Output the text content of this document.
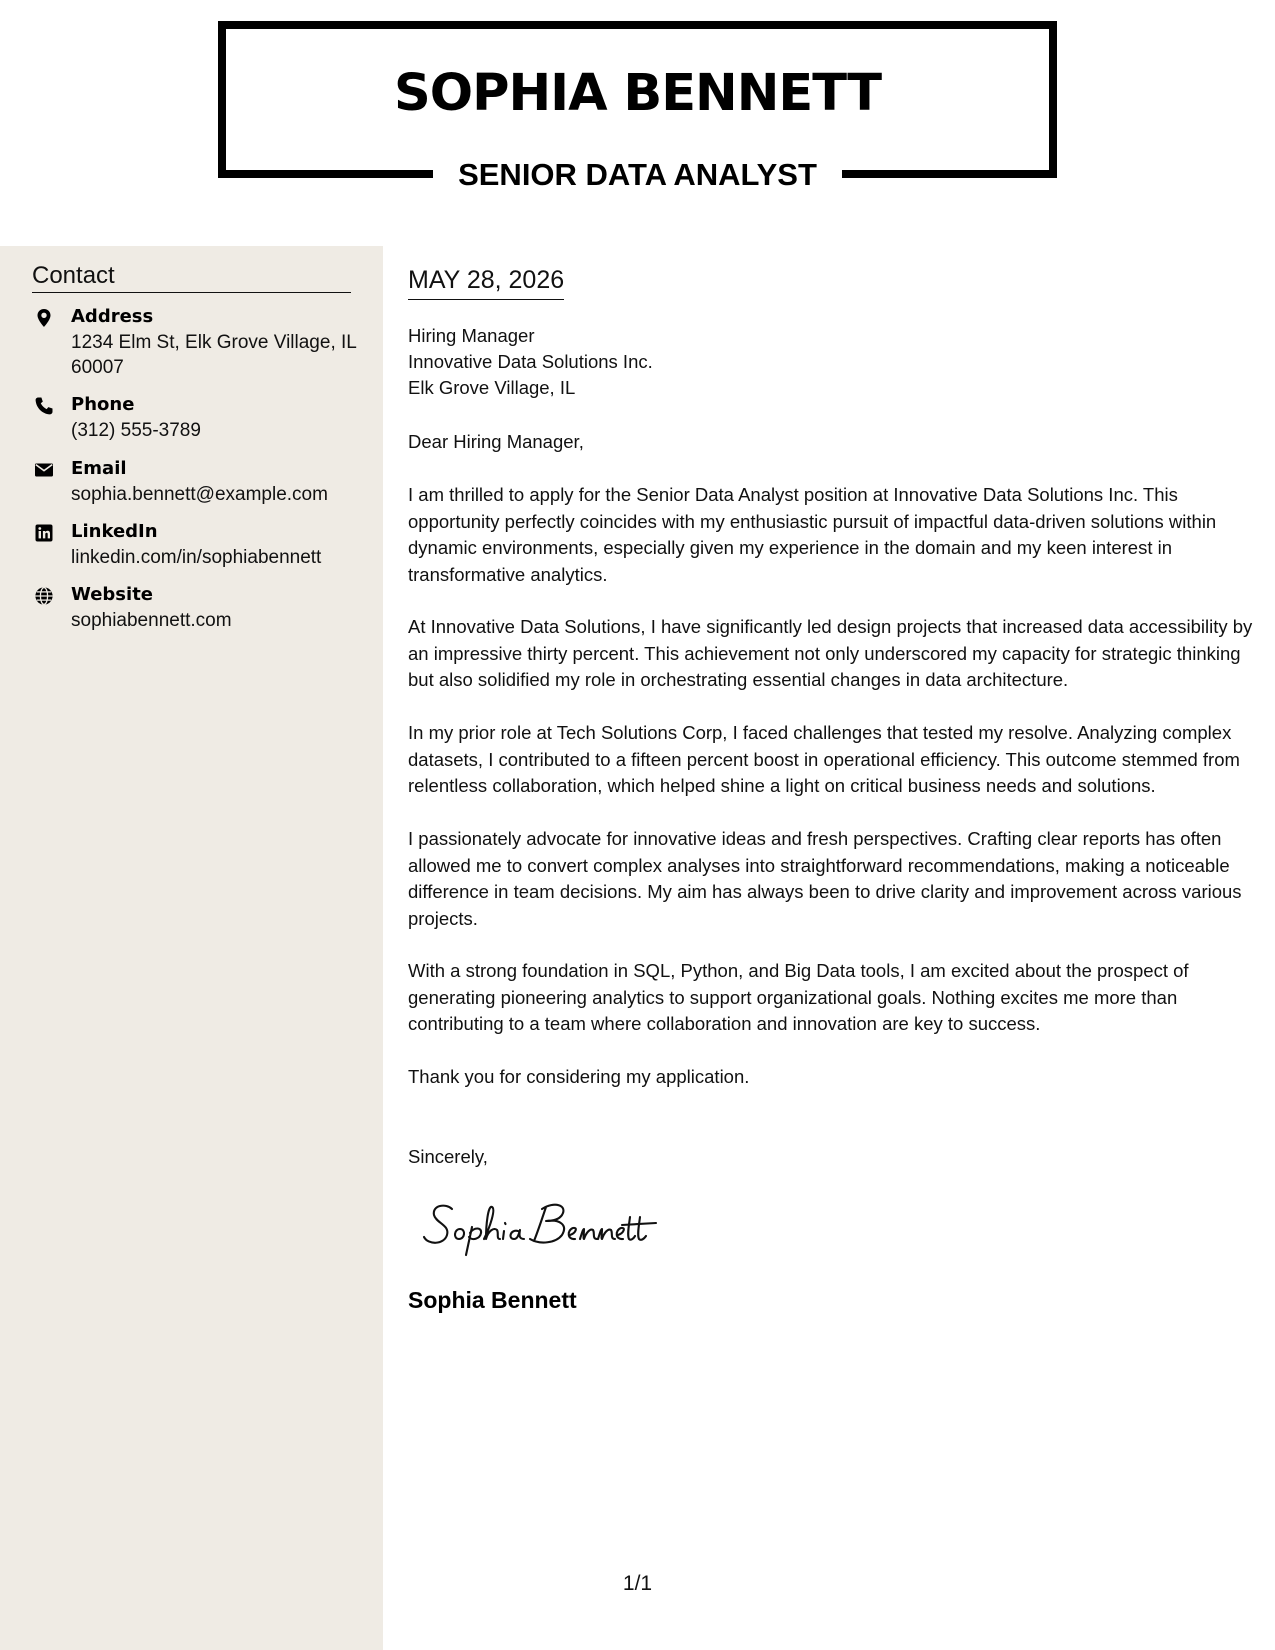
SOPHIA BENNETT
SENIOR DATA ANALYST
Contact
Address
1234 Elm St, Elk Grove Village, IL 60007
Phone
(312) 555-3789
Email
sophia.bennett@example.com
LinkedIn
linkedin.com/in/sophiabennett
Website
sophiabennett.com
MAY 28, 2026
Hiring Manager
Innovative Data Solutions Inc.
Elk Grove Village, IL

Dear Hiring Manager,

I am thrilled to apply for the Senior Data Analyst position at Innovative Data Solutions Inc. This opportunity perfectly coincides with my enthusiastic pursuit of impactful data-driven solutions within dynamic environments, especially given my experience in the domain and my keen interest in transformative analytics.

At Innovative Data Solutions, I have significantly led design projects that increased data accessibility by an impressive thirty percent. This achievement not only underscored my capacity for strategic thinking but also solidified my role in orchestrating essential changes in data architecture.

In my prior role at Tech Solutions Corp, I faced challenges that tested my resolve. Analyzing complex datasets, I contributed to a fifteen percent boost in operational efficiency. This outcome stemmed from relentless collaboration, which helped shine a light on critical business needs and solutions.

I passionately advocate for innovative ideas and fresh perspectives. Crafting clear reports has often allowed me to convert complex analyses into straightforward recommendations, making a noticeable difference in team decisions. My aim has always been to drive clarity and improvement across various projects.

With a strong foundation in SQL, Python, and Big Data tools, I am excited about the prospect of generating pioneering analytics to support organizational goals. Nothing excites me more than contributing to a team where collaboration and innovation are key to success.

Thank you for considering my application.

Sincerely,

Sophia Bennett

1/1
